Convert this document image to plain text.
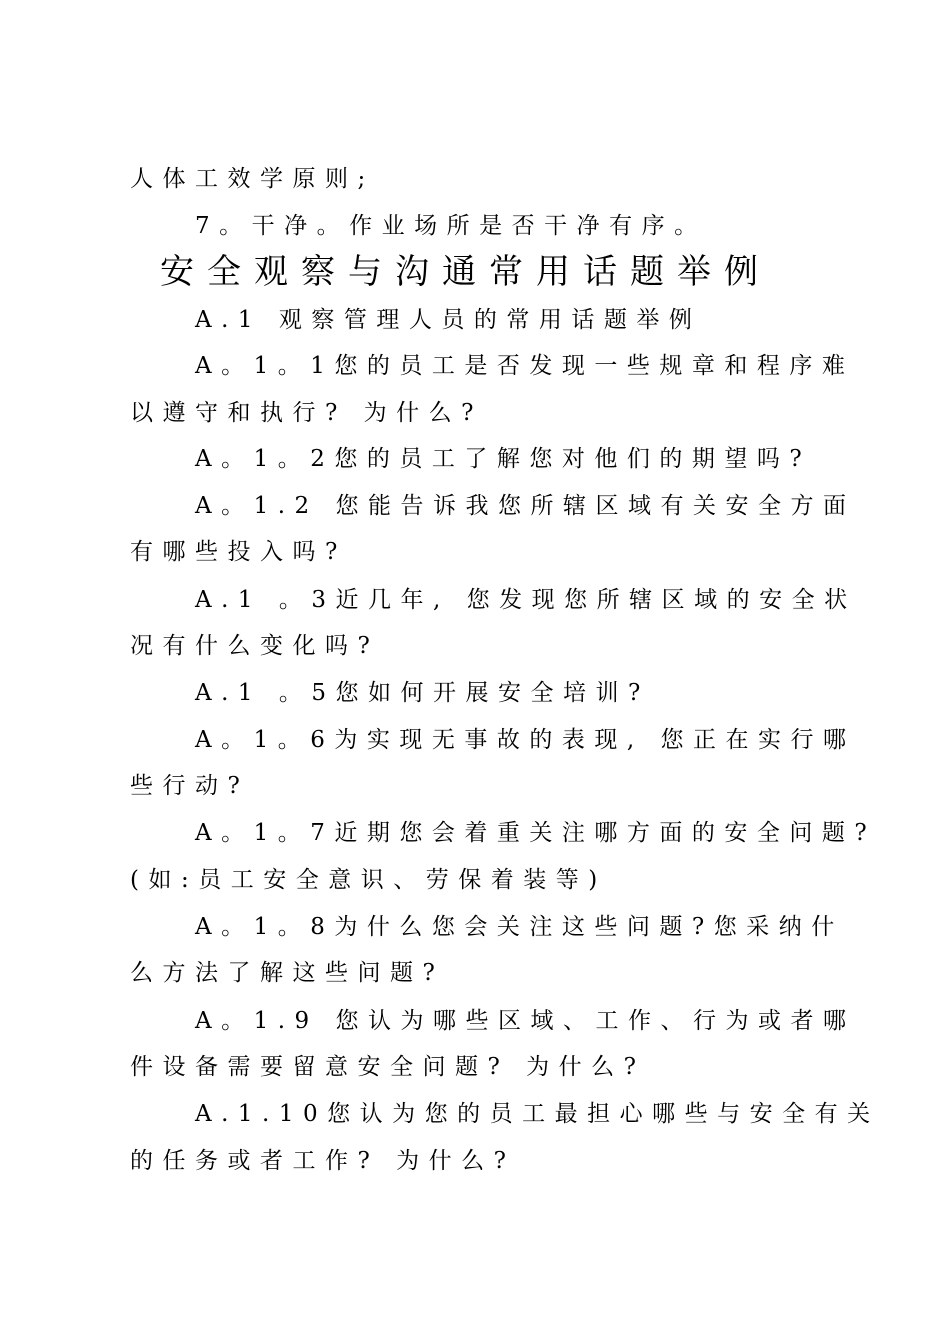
人体工效学原则;
7。干净。作业场所是否干净有序。
安全观察与沟通常用话题举例
A.1 观察管理人员的常用话题举例
A。1。1您的员工是否发现一些规章和程序难
以遵守和执行? 为什么?
A。1。2您的员工了解您对他们的期望吗?
A。1.2 您能告诉我您所辖区域有关安全方面
有哪些投入吗?
A.1 。3近几年, 您发现您所辖区域的安全状
况有什么变化吗?
A.1 。5您如何开展安全培训?
A。1。6为实现无事故的表现, 您正在实行哪
些行动?
A。1。7近期您会着重关注哪方面的安全问题?
(如:员工安全意识、劳保着装等)
A。1。8为什么您会关注这些问题?您采纳什
么方法了解这些问题?
A。1.9 您认为哪些区域、工作、行为或者哪
件设备需要留意安全问题? 为什么?
A.1.10您认为您的员工最担心哪些与安全有关
的任务或者工作? 为什么?
